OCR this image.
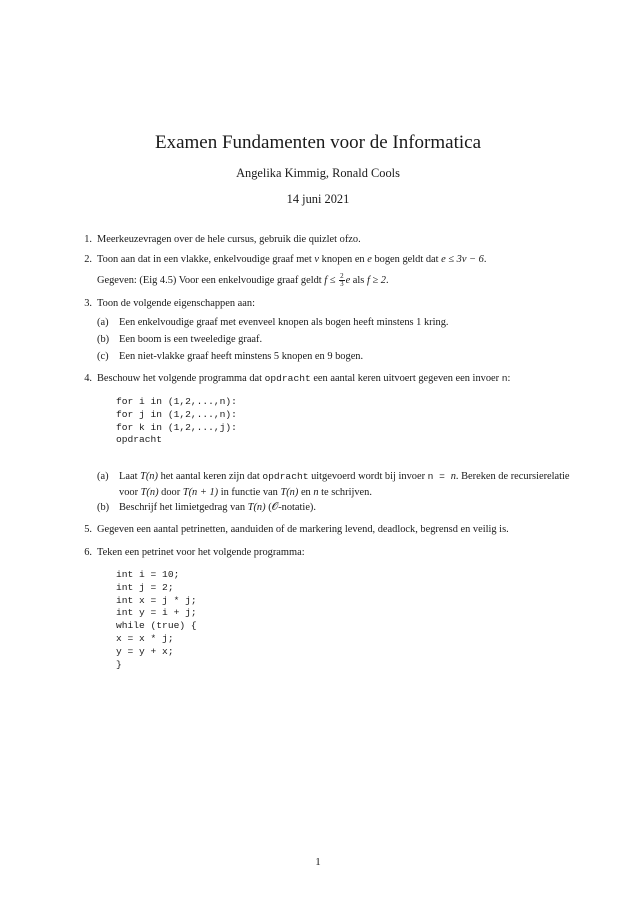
Examen Fundamenten voor de Informatica
Angelika Kimmig, Ronald Cools
14 juni 2021
1. Meerkeuzevragen over de hele cursus, gebruik die quizlet ofzo.
2. Toon aan dat in een vlakke, enkelvoudige graaf met v knopen en e bogen geldt dat e ≤ 3v − 6.
Gegeven: (Eig 4.5) Voor een enkelvoudige graaf geldt $f \le \frac{2}{3}$ e als f ≥ 2.
3. Toon de volgende eigenschappen aan:
(a)	Een enkelvoudige graaf met evenveel knopen als bogen heeft minstens 1 kring.
(b) Een boom is een tweeledige graaf.
(c)	Een niet-vlakke graaf heeft minstens 5 knopen en 9 bogen.
4. Beschouw het volgende programma dat opdracht een aantal keren uitvoert gegeven een invoer n:
for i in (1,2,...,n):
for j in (1,2,...,n):
for k in (1,2,...,j):
opdracht
(a)	Laat T(n) het aantal keren zijn dat opdracht uitgevoerd wordt bij invoer n = n. Bereken de recursierelatie
voor T(n) door T(n + 1) in functie van T(n) en n te schrijven.
(b) Beschrijf het limietgedrag van T(n) (𝒪-notatie).
5. Gegeven een aantal petrinetten, aanduiden of de markering levend, deadlock, begrensd en veilig is.
6. Teken een petrinet voor het volgende programma:
int i = 10;
int j = 2;
int x = j * j;
int y = i + j;
while (true) {
x = x * j;
y = y + x;
}
1
